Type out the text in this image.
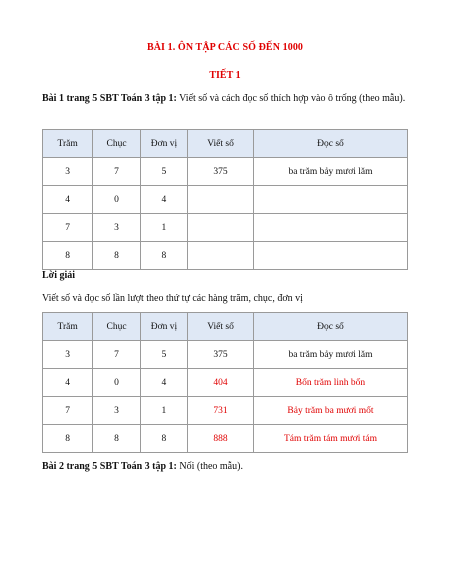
BÀI 1. ÔN TẬP CÁC SỐ ĐẾN 1000
TIẾT 1
Bài 1 trang 5 SBT Toán 3 tập 1: Viết số và cách đọc số thích hợp vào ô trống (theo mẫu).
Trăm	Chục	Đơn vị	Viết số	Đọc số
3	7	5	375	ba trăm bảy mươi lăm
4	0	4		
7	3	1		
8	8	8		
Lời giải
Viết số và đọc số lần lượt theo thứ tự các hàng trăm, chục, đơn vị
Trăm	Chục	Đơn vị	Viết số	Đọc số
3	7	5	375	ba trăm bảy mươi lăm
4	0	4	404	Bốn trăm linh bốn
7	3	1	731	Bảy trăm ba mươi mốt
8	8	8	888	Tám trăm tám mươi tám
Bài 2 trang 5 SBT Toán 3 tập 1: Nối (theo mẫu).
